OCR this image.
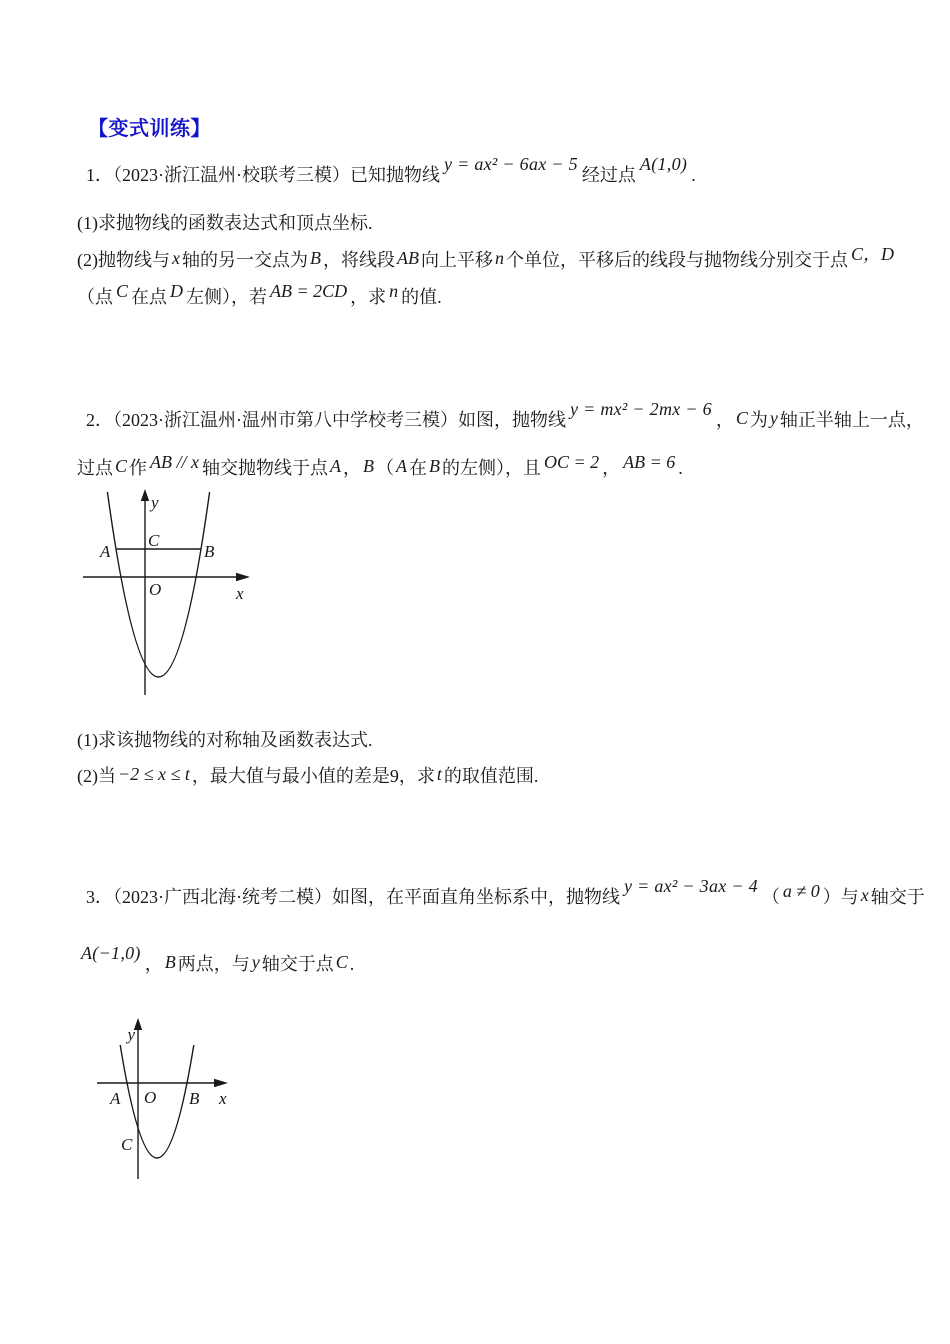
【变式训练】
1．（2023·浙江温州·校联考三模）已知抛物线y = ax² − 6ax − 5经过点A(1,0).
(1)求抛物线的函数表达式和顶点坐标.
(2)抛物线与 x 轴的另一交点为 B ，将线段 AB 向上平移 n 个单位，平移后的线段与抛物线分别交于点 C，D
（点 C 在点 D 左侧），若 AB = 2CD ，求 n 的值.
2．（2023·浙江温州·温州市第八中学校考三模）如图，抛物线y = mx² − 2mx − 6， C 为 y 轴正半轴上一点，
过点 C 作 AB // x 轴交抛物线于点 A ， B （ A 在 B 的左侧），且 OC = 2 ， AB = 6 .
A
C
B
O
y
x
(1)求该抛物线的对称轴及函数表达式.
(2)当 −2 ≤ x ≤ t ，最大值与最小值的差是9，求 t 的取值范围.
3．（2023·广西北海·统考二模）如图，在平面直角坐标系中，抛物线y = ax² − 3ax − 4（ a ≠ 0 ）与 x 轴交于
A(−1,0)， B 两点，与 y 轴交于点 C .
y
x
O
A	B
C
